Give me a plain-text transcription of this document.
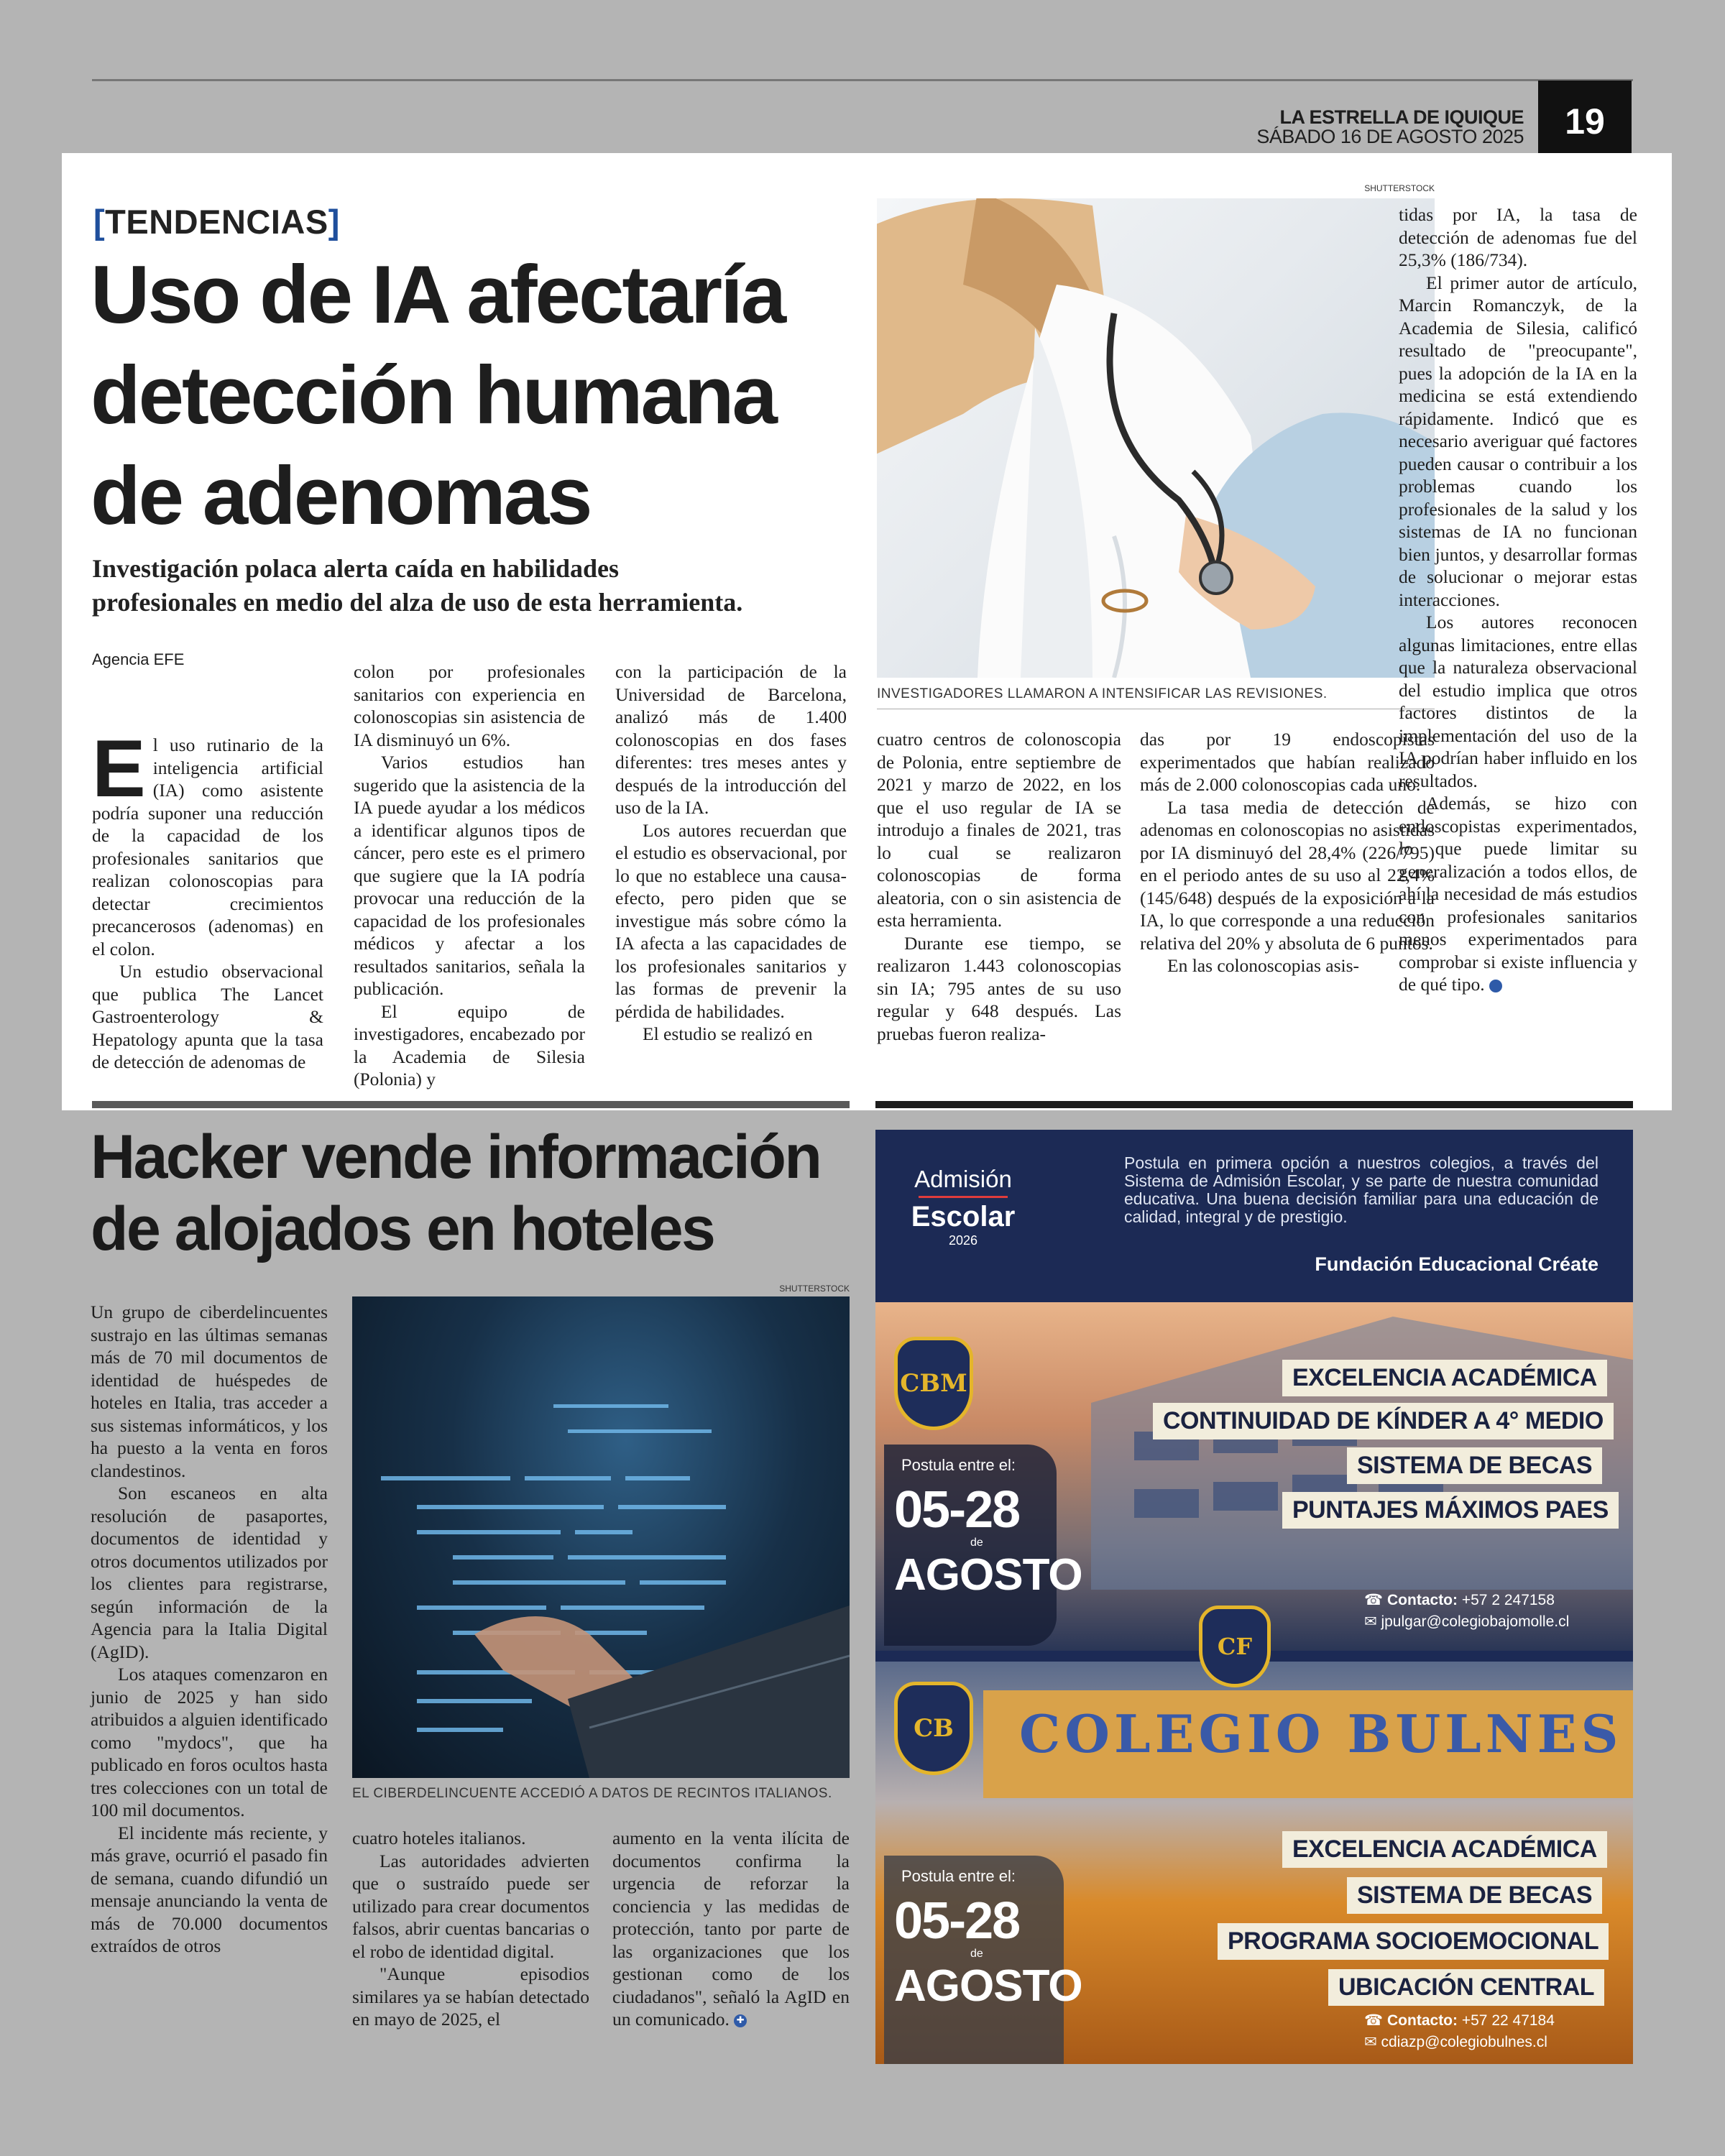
LA ESTRELLA DE IQUIQUE
SÁBADO 16 DE AGOSTO 2025	19
[TENDENCIAS]
Uso de IA afectaría
detección humana
de adenomas
Investigación polaca alerta caída en habilidades
profesionales en medio del alza de uso de esta herramienta.
Agencia EFE
SHUTTERSTOCK
INVESTIGADORES LLAMARON A INTENSIFICAR LAS REVISIONES.

El uso rutinario de la inteligencia artificial (IA) como asistente podría suponer una reducción de la capacidad de los profesionales sanitarios que realizan colonoscopias para detectar crecimientos precancerosos (adenomas) en el colon.

Un estudio observacional que publica The Lancet Gastroenterology & Hepatology apunta que la tasa de detección de adenomas de

colon por profesionales sanitarios con experiencia en colonoscopias sin asistencia de IA disminuyó un 6%.

Varios estudios han sugerido que la asistencia de la IA puede ayudar a los médicos a identificar algunos tipos de cáncer, pero este es el primero que sugiere que la IA podría provocar una reducción de la capacidad de los profesionales médicos y afectar a los resultados sanitarios, señala la publicación.

El equipo de investigadores, encabezado por la Academia de Silesia (Polonia) y

con la participación de la Universidad de Barcelona, analizó más de 1.400 colonoscopias en dos fases diferentes: tres meses antes y después de la introducción del uso de la IA.

Los autores recuerdan que el estudio es observacional, por lo que no establece una causa-efecto, pero piden que se investigue más sobre cómo la IA afecta a las capacidades de los profesionales sanitarios y las formas de prevenir la pérdida de habilidades.

El estudio se realizó en

cuatro centros de colonoscopia de Polonia, entre septiembre de 2021 y marzo de 2022, en los que el uso regular de IA se introdujo a finales de 2021, tras lo cual se realizaron colonoscopias de forma aleatoria, con o sin asistencia de esta herramienta.

Durante ese tiempo, se realizaron 1.443 colonoscopias sin IA; 795 antes de su uso regular y 648 después. Las pruebas fueron realiza-

das por 19 endoscopistas experimentados que habían realizado más de 2.000 colonoscopias cada uno.

La tasa media de detección de adenomas en colonoscopias no asistidas por IA disminuyó del 28,4% (226/795) en el periodo antes de su uso al 22,4% (145/648) después de la exposición a la IA, lo que corresponde a una reducción relativa del 20% y absoluta de 6 puntos.

En las colonoscopias asis-

tidas por IA, la tasa de detección de adenomas fue del 25,3% (186/734).

El primer autor de artículo, Marcin Romanczyk, de la Academia de Silesia, calificó resultado de "preocupante", pues la adopción de la IA en la medicina se está extendiendo rápidamente. Indicó que es necesario averiguar qué factores pueden causar o contribuir a los problemas cuando los profesionales de la salud y los sistemas de IA no funcionan bien juntos, y desarrollar formas de solucionar o mejorar estas interacciones.

Los autores reconocen algunas limitaciones, entre ellas que la naturaleza observacional del estudio implica que otros factores distintos de la implementación del uso de la IA podrían haber influido en los resultados.

Además, se hizo con endoscopistas experimentados, lo que puede limitar su generalización a todos ellos, de ahí la necesidad de más estudios con profesionales sanitarios menos experimentados para comprobar si existe influencia y de qué tipo.	✚

Hacker vende información
de alojados en hoteles
SHUTTERSTOCK
EL CIBERDELINCUENTE ACCEDIÓ A DATOS DE RECINTOS ITALIANOS.

Un grupo de ciberdelincuentes sustrajo en las últimas semanas más de 70 mil documentos de identidad de huéspedes de hoteles en Italia, tras acceder a sus sistemas informáticos, y los ha puesto a la venta en foros clandestinos.

Son escaneos en alta resolución de pasaportes, documentos de identidad y otros documentos utilizados por los clientes para registrarse, según información de la Agencia para la Italia Digital (AgID).

Los ataques comenzaron en junio de 2025 y han sido atribuidos a alguien identificado como "mydocs", que ha publicado en foros ocultos hasta tres colecciones con un total de 100 mil documentos.

El incidente más reciente, y más grave, ocurrió el pasado fin de semana, cuando difundió un mensaje anunciando la venta de más de 70.000 documentos extraídos de otros

cuatro hoteles italianos.

Las autoridades advierten que o sustraído puede ser utilizado para crear documentos falsos, abrir cuentas bancarias o el robo de identidad digital.

"Aunque episodios similares ya se habían detectado en mayo de 2025, el

aumento en la venta ilícita de documentos confirma la urgencia de reforzar la conciencia y las medidas de protección, tanto por parte de las organizaciones que los gestionan como de los ciudadanos", señaló la AgID en un comunicado. ✚

Admisión
Escolar
2026
Postula en primera opción a nuestros colegios, a través del Sistema de Admisión Escolar, y se parte de nuestra comunidad educativa. Una buena decisión familiar para una educación de calidad, integral y de prestigio.
Fundación Educacional Créate
CBM	EXCELENCIA ACADÉMICA
CONTINUIDAD DE KÍNDER A 4° MEDIO
SISTEMA DE BECAS
PUNTAJES MÁXIMOS PAES
Postula entre el:
05-28
de
AGOSTO
☎ Contacto: +57 2 247158
✉ jpulgar@colegiobajomolle.cl
CF
COLEGIO BULNES
CB
EXCELENCIA ACADÉMICA
SISTEMA DE BECAS
PROGRAMA SOCIOEMOCIONAL
UBICACIÓN CENTRAL
Postula entre el:
05-28
de
AGOSTO
☎ Contacto: +57 22 47184
✉ cdiazp@colegiobulnes.cl
